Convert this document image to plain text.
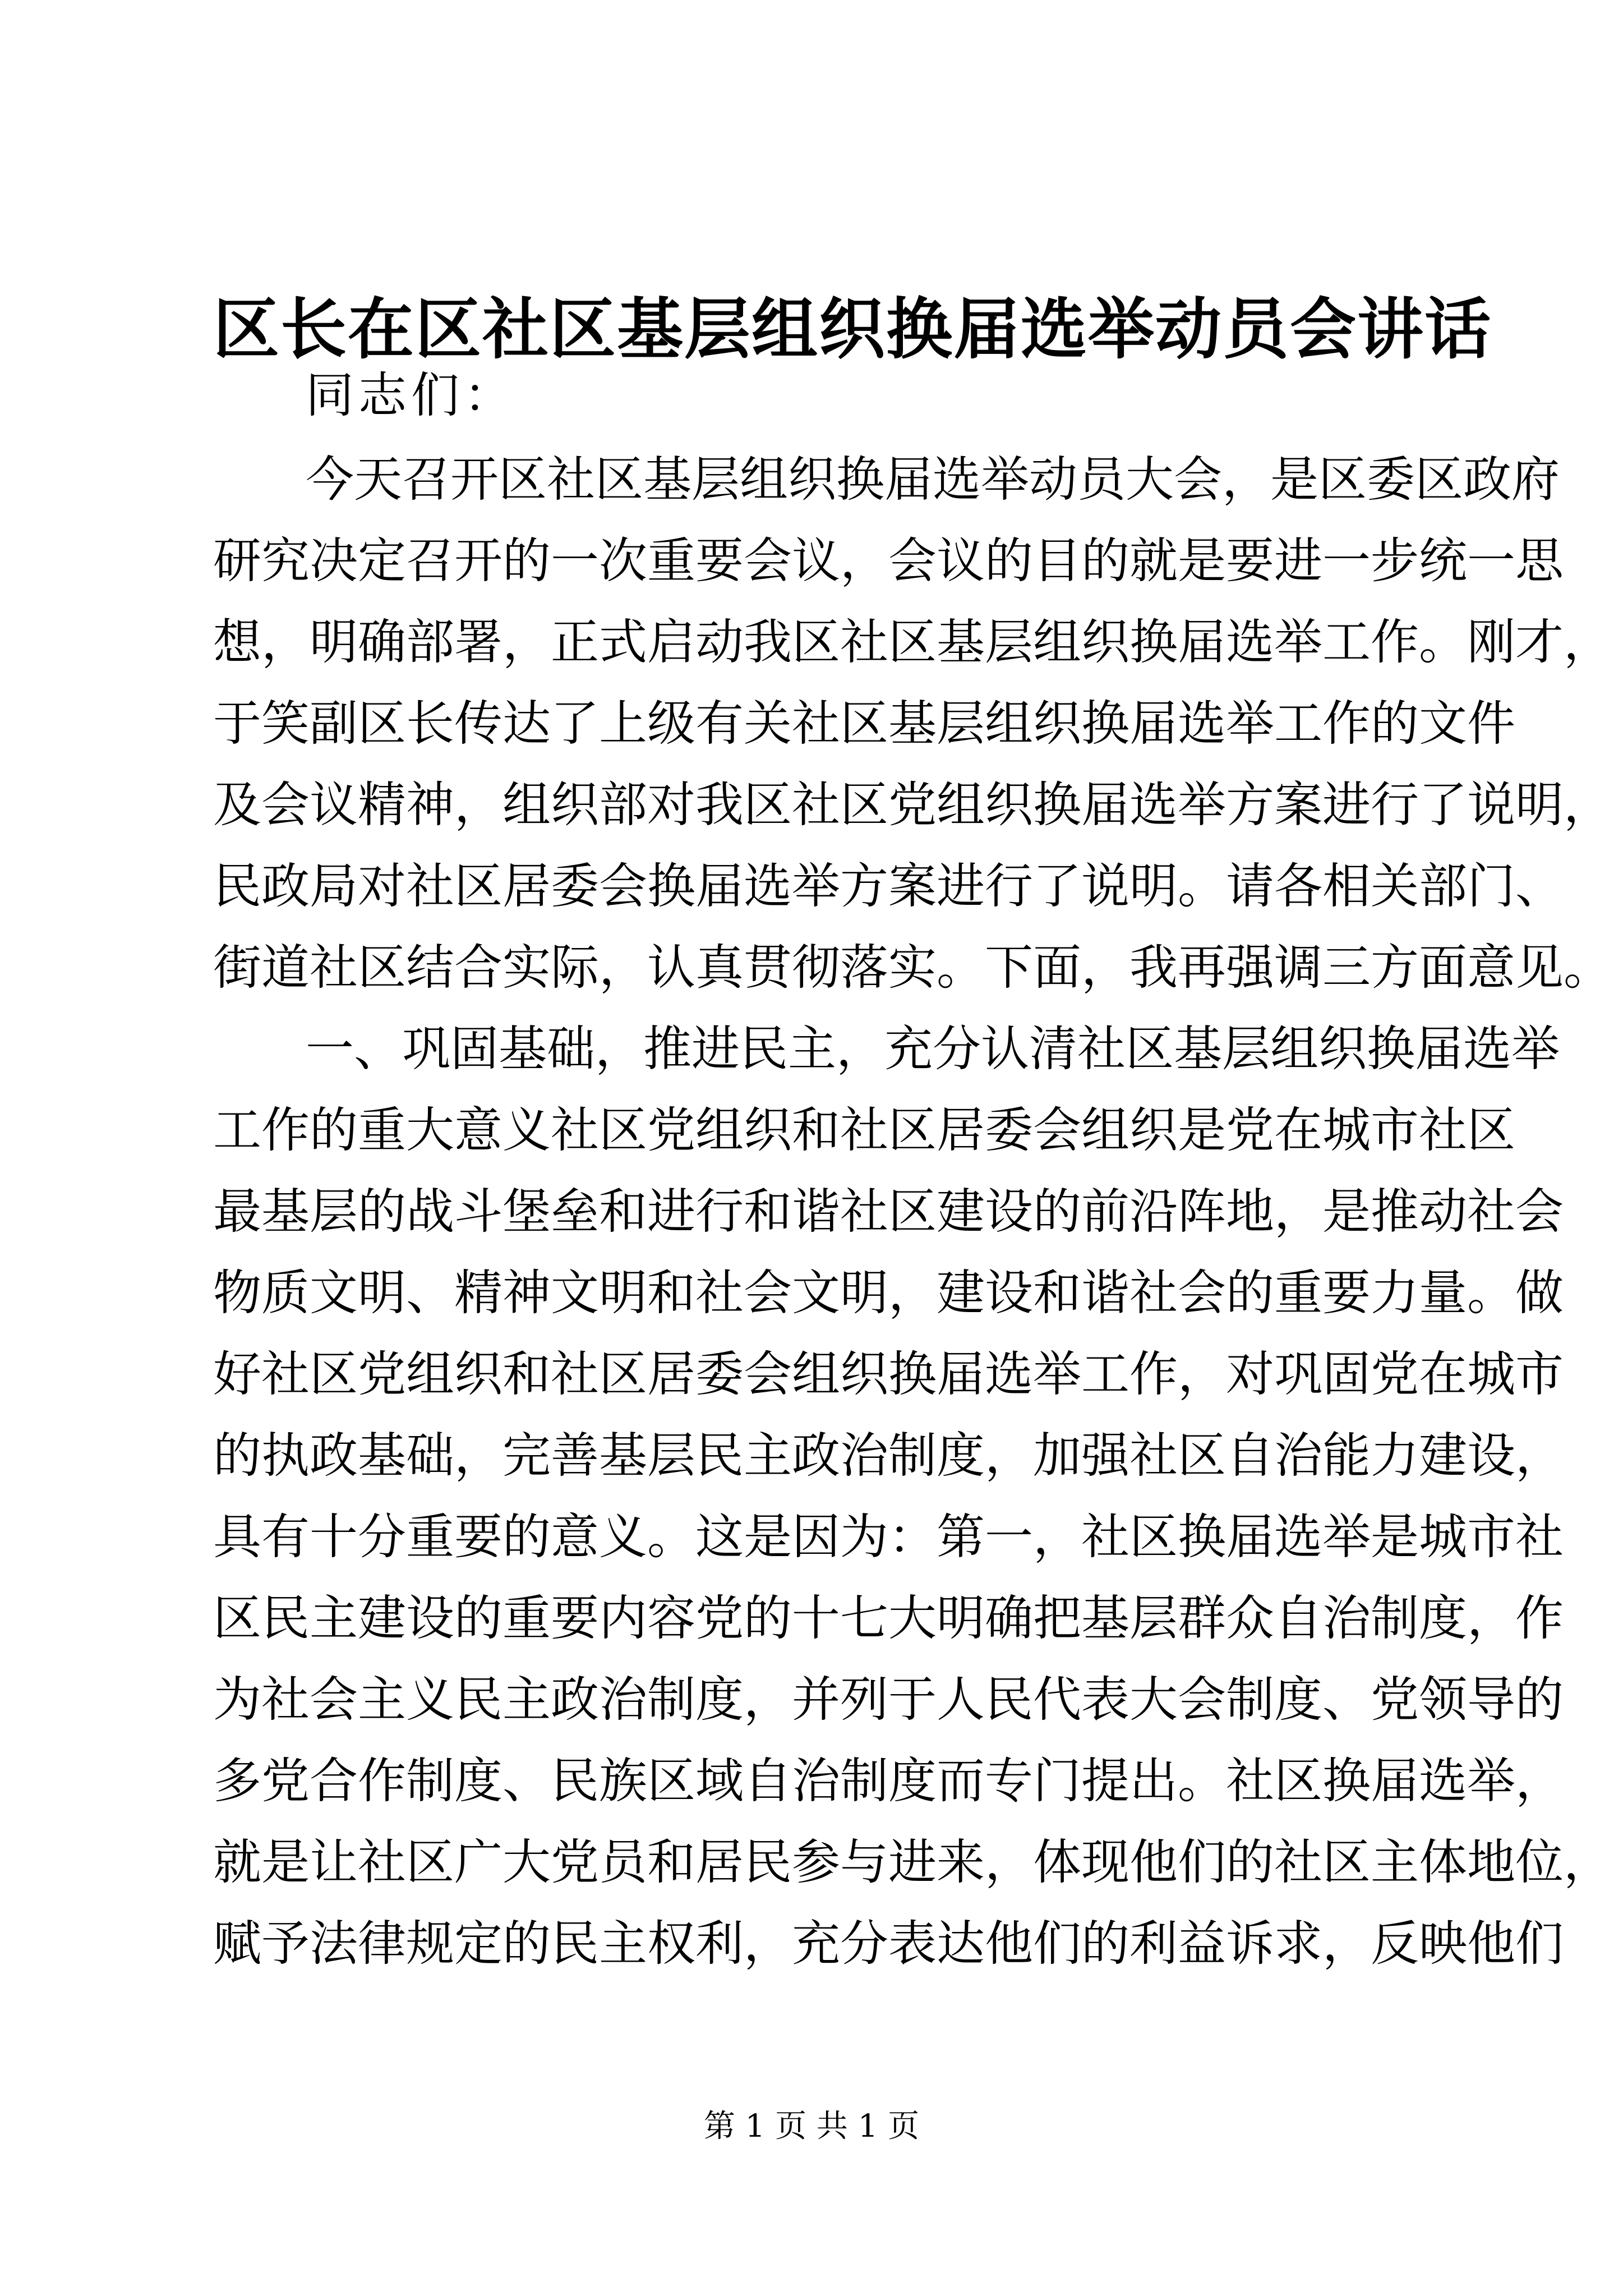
区长在区社区基层组织换届选举动员会讲话

同志们：

今天召开区社区基层组织换届选举动员大会，是区委区政府

研究决定召开的一次重要会议，会议的目的就是要进一步统一思

想，明确部署，正式启动我区社区基层组织换届选举工作。刚才，

于笑副区长传达了上级有关社区基层组织换届选举工作的文件

及会议精神，组织部对我区社区党组织换届选举方案进行了说明，

民政局对社区居委会换届选举方案进行了说明。请各相关部门、

街道社区结合实际，认真贯彻落实。下面，我再强调三方面意见。

一、巩固基础，推进民主，充分认清社区基层组织换届选举

工作的重大意义社区党组织和社区居委会组织是党在城市社区

最基层的战斗堡垒和进行和谐社区建设的前沿阵地，是推动社会

物质文明、精神文明和社会文明，建设和谐社会的重要力量。做

好社区党组织和社区居委会组织换届选举工作，对巩固党在城市

的执政基础，完善基层民主政治制度，加强社区自治能力建设，

具有十分重要的意义。这是因为：第一，社区换届选举是城市社

区民主建设的重要内容党的十七大明确把基层群众自治制度，作

为社会主义民主政治制度，并列于人民代表大会制度、党领导的

多党合作制度、民族区域自治制度而专门提出。社区换届选举，

就是让社区广大党员和居民参与进来，体现他们的社区主体地位，

赋予法律规定的民主权利，充分表达他们的利益诉求，反映他们

第 1 页 共 1 页
